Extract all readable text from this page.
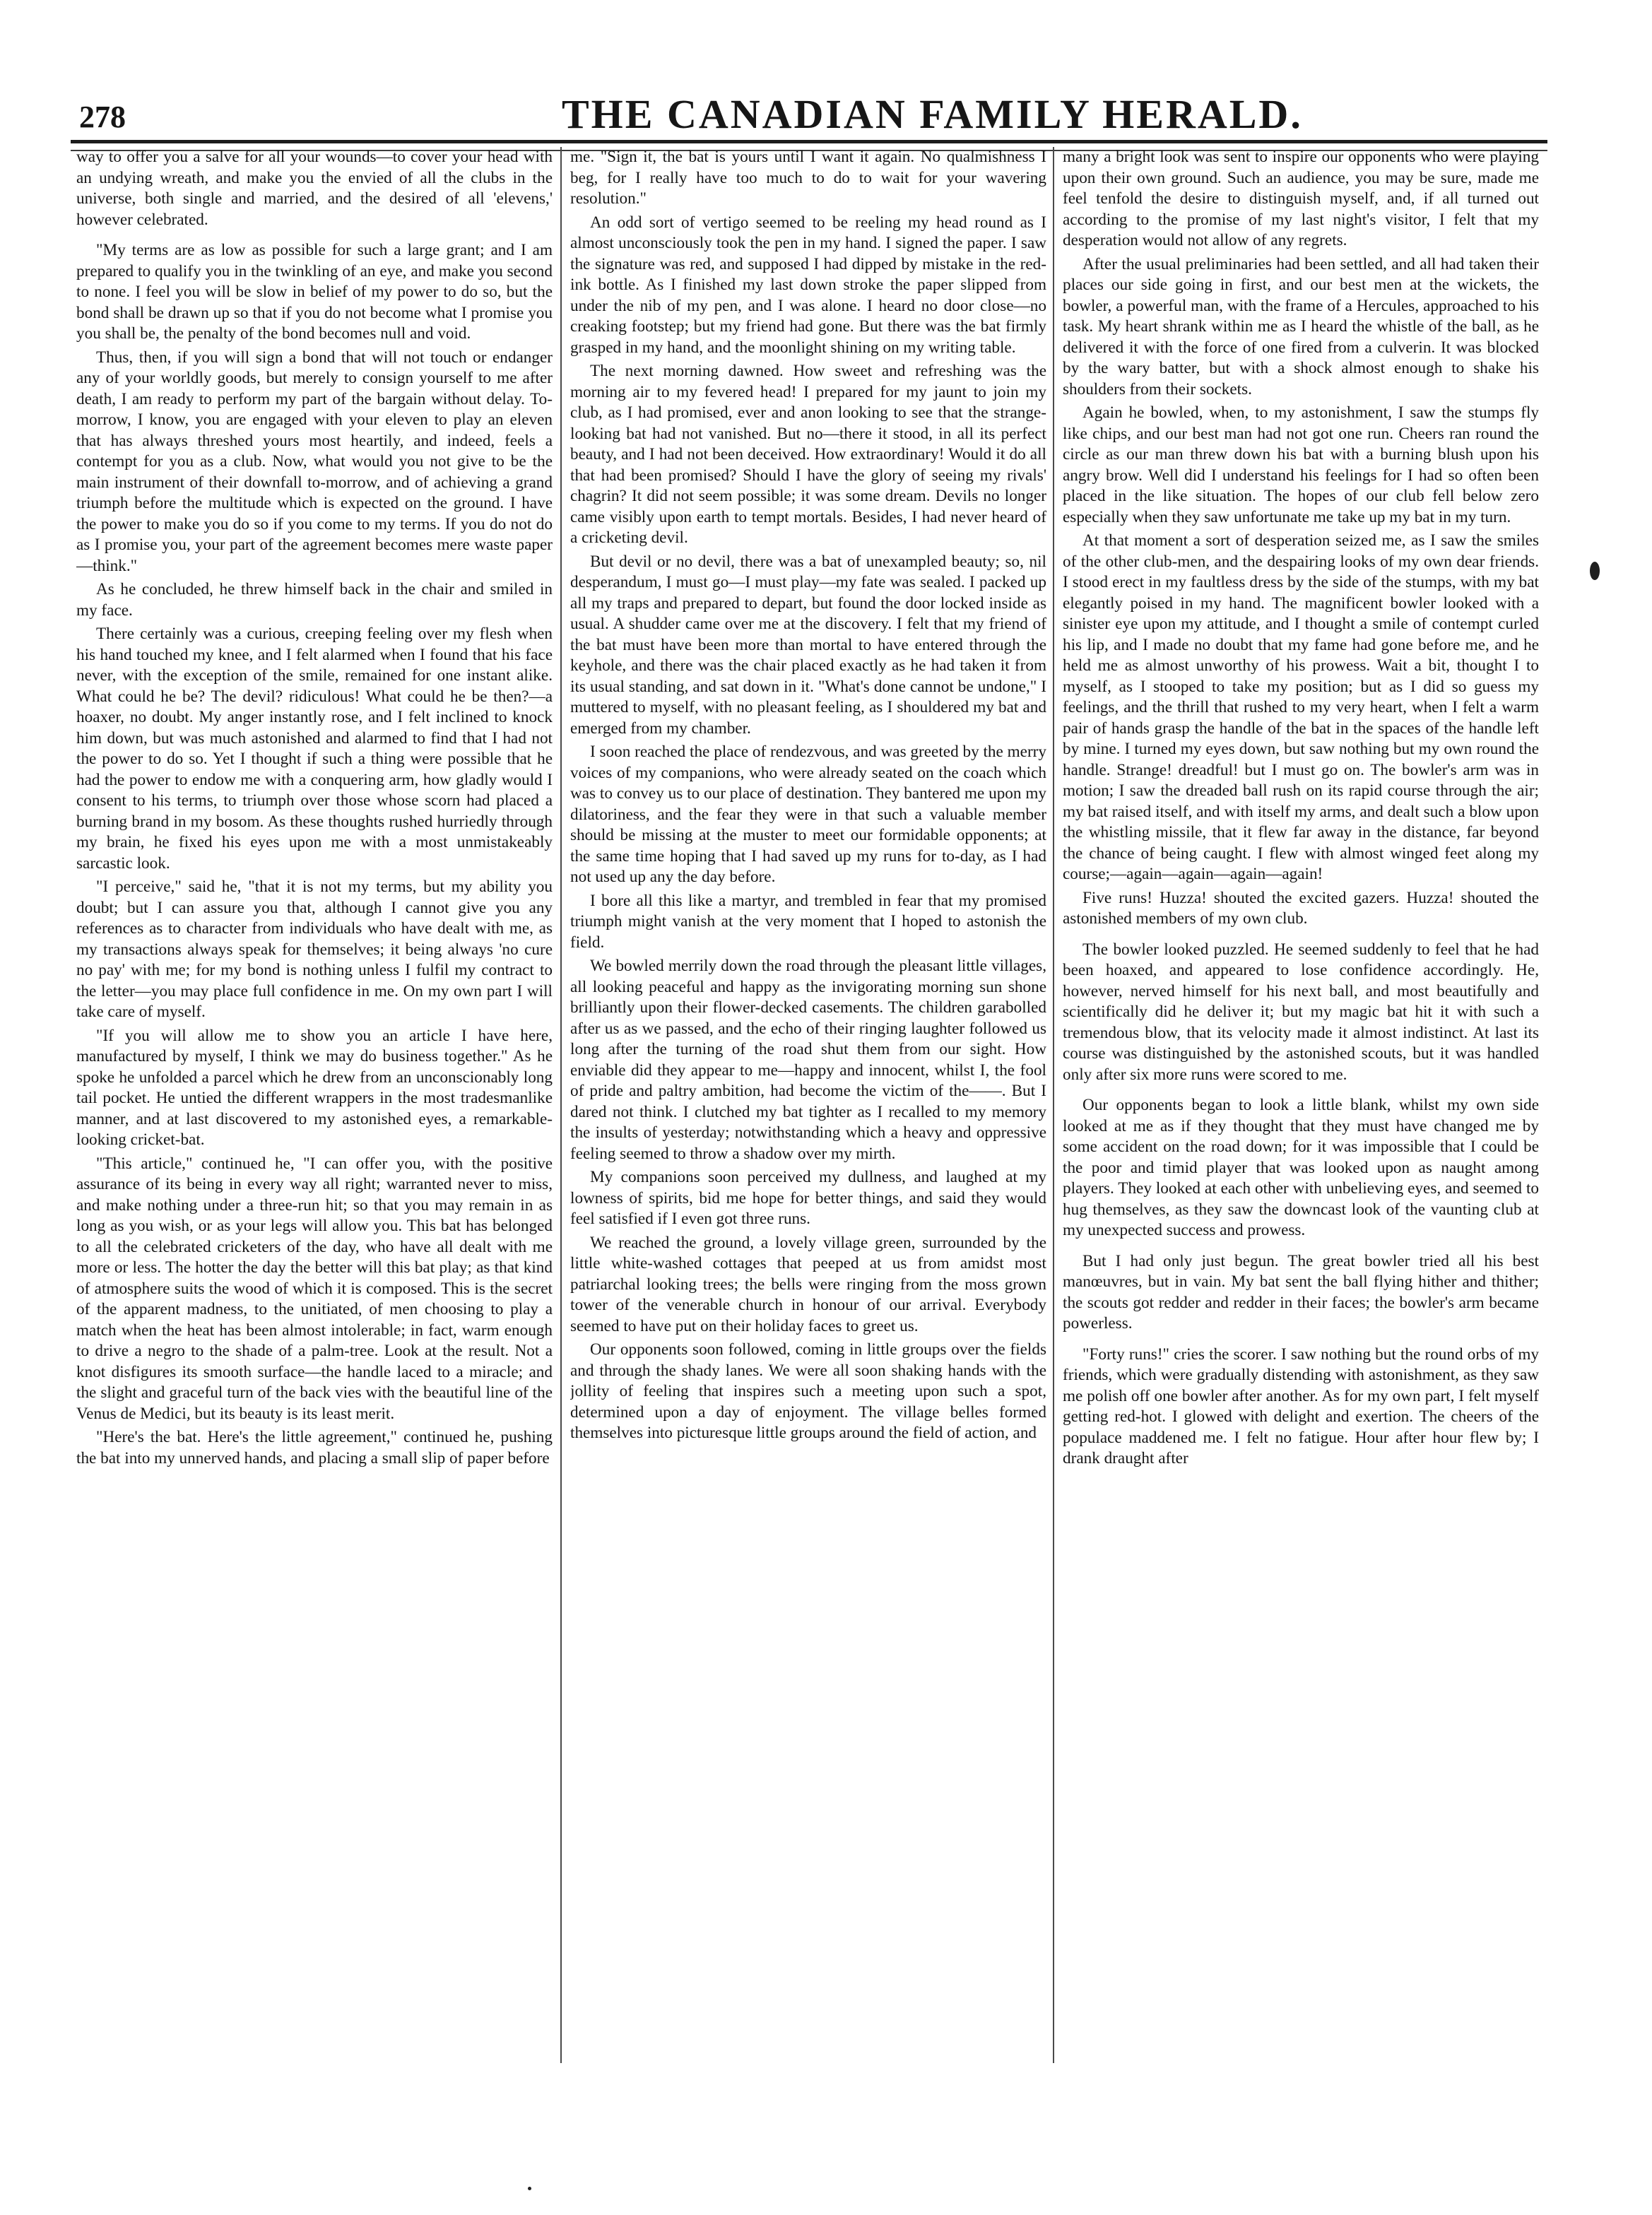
278	THE CANADIAN FAMILY HERALD.

way to offer you a salve for all your wounds—to cover your head with an undying wreath, and make you the envied of all the clubs in the universe, both single and married, and the desired of all 'elevens,' however celebrated.

"My terms are as low as possible for such a large grant; and I am prepared to qualify you in the twinkling of an eye, and make you second to none. I feel you will be slow in belief of my power to do so, but the bond shall be drawn up so that if you do not become what I promise you you shall be, the penalty of the bond becomes null and void.

Thus, then, if you will sign a bond that will not touch or endanger any of your worldly goods, but merely to consign yourself to me after death, I am ready to perform my part of the bargain without delay. To-morrow, I know, you are engaged with your eleven to play an eleven that has always threshed yours most heartily, and indeed, feels a contempt for you as a club. Now, what would you not give to be the main instrument of their downfall to-morrow, and of achieving a grand triumph before the multitude which is expected on the ground. I have the power to make you do so if you come to my terms. If you do not do as I promise you, your part of the agreement becomes mere waste paper—think."

As he concluded, he threw himself back in the chair and smiled in my face.

There certainly was a curious, creeping feeling over my flesh when his hand touched my knee, and I felt alarmed when I found that his face never, with the exception of the smile, remained for one instant alike. What could he be? The devil? ridiculous! What could he be then?—a hoaxer, no doubt. My anger instantly rose, and I felt inclined to knock him down, but was much astonished and alarmed to find that I had not the power to do so. Yet I thought if such a thing were possible that he had the power to endow me with a conquering arm, how gladly would I consent to his terms, to triumph over those whose scorn had placed a burning brand in my bosom. As these thoughts rushed hurriedly through my brain, he fixed his eyes upon me with a most unmistakeably sarcastic look.

"I perceive," said he, "that it is not my terms, but my ability you doubt; but I can assure you that, although I cannot give you any references as to character from individuals who have dealt with me, as my transactions always speak for themselves; it being always 'no cure no pay' with me; for my bond is nothing unless I fulfil my contract to the letter—you may place full confidence in me. On my own part I will take care of myself.

"If you will allow me to show you an article I have here, manufactured by myself, I think we may do business together." As he spoke he unfolded a parcel which he drew from an unconscionably long tail pocket. He untied the different wrappers in the most tradesmanlike manner, and at last discovered to my astonished eyes, a remarkable-looking cricket-bat.

"This article," continued he, "I can offer you, with the positive assurance of its being in every way all right; warranted never to miss, and make nothing under a three-run hit; so that you may remain in as long as you wish, or as your legs will allow you. This bat has belonged to all the celebrated cricketers of the day, who have all dealt with me more or less. The hotter the day the better will this bat play; as that kind of atmosphere suits the wood of which it is composed. This is the secret of the apparent madness, to the unitiated, of men choosing to play a match when the heat has been almost intolerable; in fact, warm enough to drive a negro to the shade of a palm-tree. Look at the result. Not a knot disfigures its smooth surface—the handle laced to a miracle; and the slight and graceful turn of the back vies with the beautiful line of the Venus de Medici, but its beauty is its least merit.

"Here's the bat. Here's the little agreement," continued he, pushing the bat into my unnerved hands, and placing a small slip of paper before

me. "Sign it, the bat is yours until I want it again. No qualmishness I beg, for I really have too much to do to wait for your wavering resolution."

An odd sort of vertigo seemed to be reeling my head round as I almost unconsciously took the pen in my hand. I signed the paper. I saw the signature was red, and supposed I had dipped by mistake in the red-ink bottle. As I finished my last down stroke the paper slipped from under the nib of my pen, and I was alone. I heard no door close—no creaking footstep; but my friend had gone. But there was the bat firmly grasped in my hand, and the moonlight shining on my writing table.

The next morning dawned. How sweet and refreshing was the morning air to my fevered head! I prepared for my jaunt to join my club, as I had promised, ever and anon looking to see that the strange-looking bat had not vanished. But no—there it stood, in all its perfect beauty, and I had not been deceived. How extraordinary! Would it do all that had been promised? Should I have the glory of seeing my rivals' chagrin? It did not seem possible; it was some dream. Devils no longer came visibly upon earth to tempt mortals. Besides, I had never heard of a cricketing devil.

But devil or no devil, there was a bat of unexampled beauty; so, nil desperandum, I must go—I must play—my fate was sealed. I packed up all my traps and prepared to depart, but found the door locked inside as usual. A shudder came over me at the discovery. I felt that my friend of the bat must have been more than mortal to have entered through the keyhole, and there was the chair placed exactly as he had taken it from its usual standing, and sat down in it. "What's done cannot be undone," I muttered to myself, with no pleasant feeling, as I shouldered my bat and emerged from my chamber.

I soon reached the place of rendezvous, and was greeted by the merry voices of my companions, who were already seated on the coach which was to convey us to our place of destination. They bantered me upon my dilatoriness, and the fear they were in that such a valuable member should be missing at the muster to meet our formidable opponents; at the same time hoping that I had saved up my runs for to-day, as I had not used up any the day before.

I bore all this like a martyr, and trembled in fear that my promised triumph might vanish at the very moment that I hoped to astonish the field.

We bowled merrily down the road through the pleasant little villages, all looking peaceful and happy as the invigorating morning sun shone brilliantly upon their flower-decked casements. The children garabolled after us as we passed, and the echo of their ringing laughter followed us long after the turning of the road shut them from our sight. How enviable did they appear to me—happy and innocent, whilst I, the fool of pride and paltry ambition, had become the victim of the——. But I dared not think. I clutched my bat tighter as I recalled to my memory the insults of yesterday; notwithstanding which a heavy and oppressive feeling seemed to throw a shadow over my mirth.

My companions soon perceived my dullness, and laughed at my lowness of spirits, bid me hope for better things, and said they would feel satisfied if I even got three runs.

We reached the ground, a lovely village green, surrounded by the little white-washed cottages that peeped at us from amidst most patriarchal looking trees; the bells were ringing from the moss grown tower of the venerable church in honour of our arrival. Everybody seemed to have put on their holiday faces to greet us.

Our opponents soon followed, coming in little groups over the fields and through the shady lanes. We were all soon shaking hands with the jollity of feeling that inspires such a meeting upon such a spot, determined upon a day of enjoyment. The village belles formed themselves into picturesque little groups around the field of action, and

many a bright look was sent to inspire our opponents who were playing upon their own ground. Such an audience, you may be sure, made me feel tenfold the desire to distinguish myself, and, if all turned out according to the promise of my last night's visitor, I felt that my desperation would not allow of any regrets.

After the usual preliminaries had been settled, and all had taken their places our side going in first, and our best men at the wickets, the bowler, a powerful man, with the frame of a Hercules, approached to his task. My heart shrank within me as I heard the whistle of the ball, as he delivered it with the force of one fired from a culverin. It was blocked by the wary batter, but with a shock almost enough to shake his shoulders from their sockets.

Again he bowled, when, to my astonishment, I saw the stumps fly like chips, and our best man had not got one run. Cheers ran round the circle as our man threw down his bat with a burning blush upon his angry brow. Well did I understand his feelings for I had so often been placed in the like situation. The hopes of our club fell below zero especially when they saw unfortunate me take up my bat in my turn.

At that moment a sort of desperation seized me, as I saw the smiles of the other club-men, and the despairing looks of my own dear friends. I stood erect in my faultless dress by the side of the stumps, with my bat elegantly poised in my hand. The magnificent bowler looked with a sinister eye upon my attitude, and I thought a smile of contempt curled his lip, and I made no doubt that my fame had gone before me, and he held me as almost unworthy of his prowess. Wait a bit, thought I to myself, as I stooped to take my position; but as I did so guess my feelings, and the thrill that rushed to my very heart, when I felt a warm pair of hands grasp the handle of the bat in the spaces of the handle left by mine. I turned my eyes down, but saw nothing but my own round the handle. Strange! dreadful! but I must go on. The bowler's arm was in motion; I saw the dreaded ball rush on its rapid course through the air; my bat raised itself, and with itself my arms, and dealt such a blow upon the whistling missile, that it flew far away in the distance, far beyond the chance of being caught. I flew with almost winged feet along my course;—again—again—again—again!

Five runs! Huzza! shouted the excited gazers. Huzza! shouted the astonished members of my own club.

The bowler looked puzzled. He seemed suddenly to feel that he had been hoaxed, and appeared to lose confidence accordingly. He, however, nerved himself for his next ball, and most beautifully and scientifically did he deliver it; but my magic bat hit it with such a tremendous blow, that its velocity made it almost indistinct. At last its course was distinguished by the astonished scouts, but it was handled only after six more runs were scored to me.

Our opponents began to look a little blank, whilst my own side looked at me as if they thought that they must have changed me by some accident on the road down; for it was impossible that I could be the poor and timid player that was looked upon as naught among players. They looked at each other with unbelieving eyes, and seemed to hug themselves, as they saw the downcast look of the vaunting club at my unexpected success and prowess.

But I had only just begun. The great bowler tried all his best manœuvres, but in vain. My bat sent the ball flying hither and thither; the scouts got redder and redder in their faces; the bowler's arm became powerless.

"Forty runs!" cries the scorer. I saw nothing but the round orbs of my friends, which were gradually distending with astonishment, as they saw me polish off one bowler after another. As for my own part, I felt myself getting red-hot. I glowed with delight and exertion. The cheers of the populace maddened me. I felt no fatigue. Hour after hour flew by; I drank draught after
